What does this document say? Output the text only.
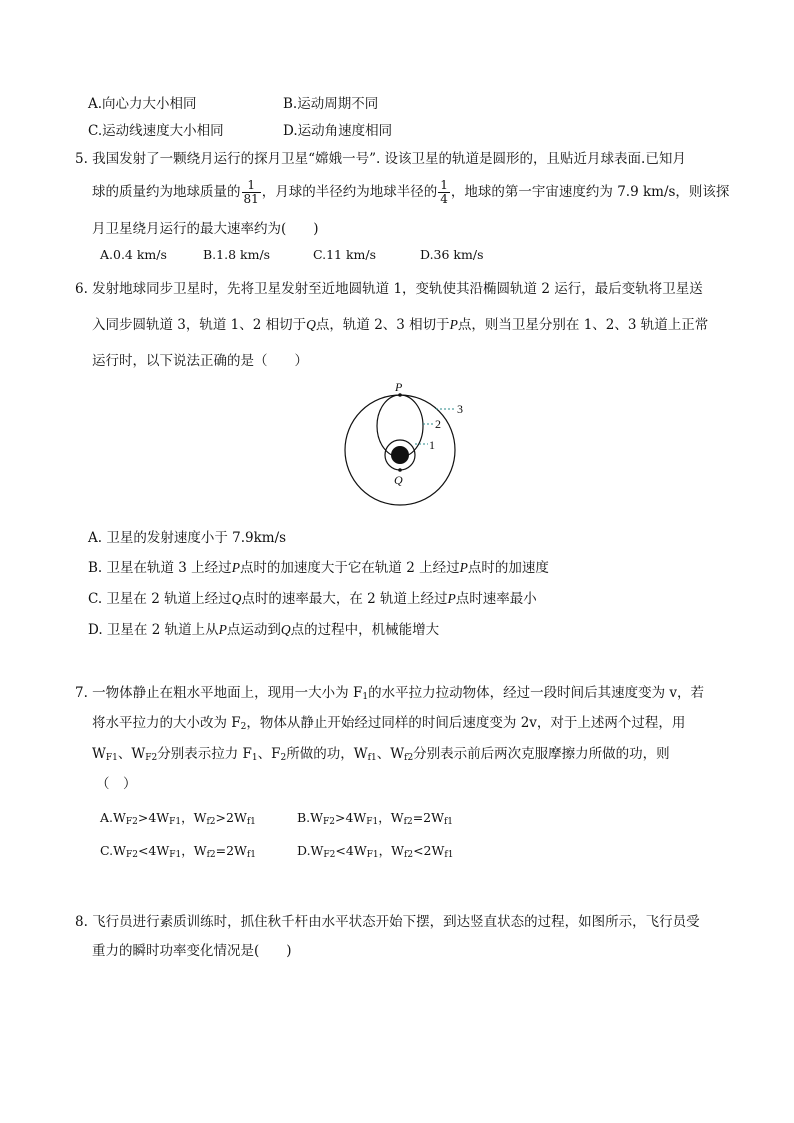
A.向心力大小相同	B.运动周期不同
C.运动线速度大小相同	D.运动角速度相同
5. 我国发射了一颗绕月运行的探月卫星“嫦娥一号”. 设该卫星的轨道是圆形的，且贴近月球表面.已知月
球的质量约为地球质量的 $\frac{1}{81}$ ，月球的半径约为地球半径的 $\frac{1}{4}$ ，地球的第一宇宙速度约为 7.9 km/s，则该探
月卫星绕月运行的最大速率约为(　　)
A.0.4 km/s	B.1.8 km/s	C.11 km/s	D.36 km/s
6. 发射地球同步卫星时，先将卫星发射至近地圆轨道 1，变轨使其沿椭圆轨道 2 运行，最后变轨将卫星送
入同步圆轨道 3，轨道 1、2 相切于Q点，轨道 2、3 相切于P点，则当卫星分别在 1、2、3 轨道上正常
运行时，以下说法正确的是（　　）
P
Q
3
2
1
A. 卫星的发射速度小于 7.9km/s
B. 卫星在轨道 3 上经过P点时的加速度大于它在轨道 2 上经过P点时的加速度
C. 卫星在 2 轨道上经过Q点时的速率最大，在 2 轨道上经过P点时速率最小
D. 卫星在 2 轨道上从P点运动到Q点的过程中，机械能增大
7. 一物体静止在粗水平地面上，现用一大小为 $F_1$的水平拉力拉动物体，经过一段时间后其速度变为 v，若
将水平拉力的大小改为 $F_2$，物体从静止开始经过同样的时间后速度变为 2v，对于上述两个过程，用
$W_{F1}$、$W_{F2}$分别表示拉力 $F_1$、$F_2$所做的功，$W_{f1}$、$W_{f2}$分别表示前后两次克服摩擦力所做的功，则
（　）
$A.W_{F2}>4W_{F1}$，$W_{f2}>2W_{f1}$	$B.W_{F2}>4W_{F1}$，$W_{f2}=2W_{f1}$
$C.W_{F2}<4W_{F1}$，$W_{f2}=2W_{f1}$	$D.W_{F2}<4W_{F1}$，$W_{f2}<2W_{f1}$
8. 飞行员进行素质训练时，抓住秋千杆由水平状态开始下摆，到达竖直状态的过程，如图所示，飞行员受
重力的瞬时功率变化情况是(　　)
